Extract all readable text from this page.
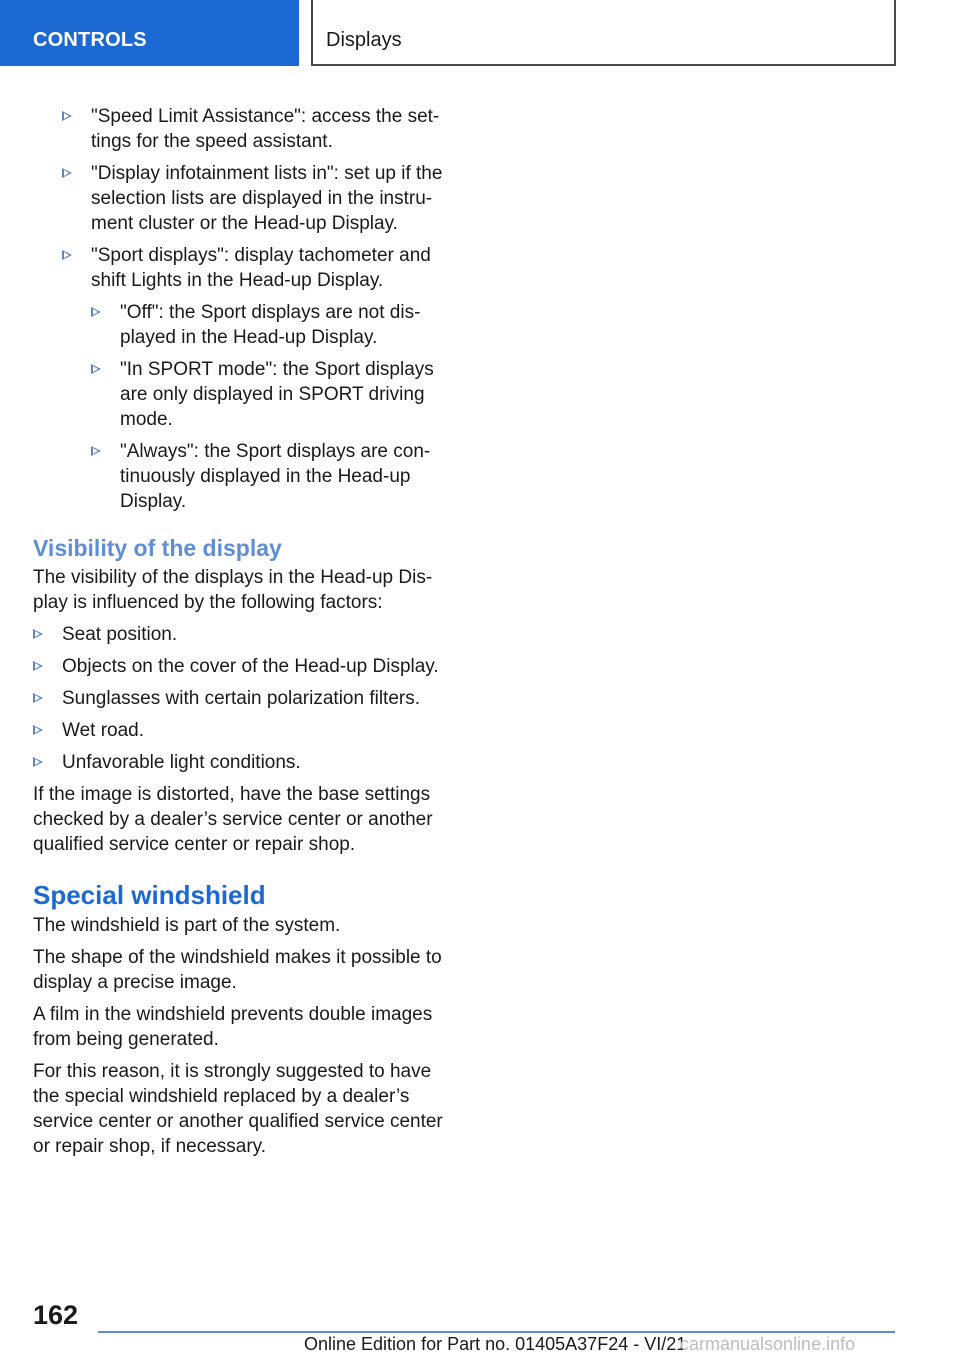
CONTROLS	Displays
"Speed Limit Assistance": access the set-tings for the speed assistant.
"Display infotainment lists in": set up if the selection lists are displayed in the instru-ment cluster or the Head-up Display.
"Sport displays": display tachometer and shift Lights in the Head-up Display.
"Off": the Sport displays are not dis-played in the Head-up Display.
"In SPORT mode": the Sport displays are only displayed in SPORT driving mode.
"Always": the Sport displays are con-tinuously displayed in the Head-up Display.
Visibility of the display

The visibility of the displays in the Head-up Dis-play is influenced by the following factors:

Seat position.
Objects on the cover of the Head-up Display.
Sunglasses with certain polarization filters.
Wet road.
Unfavorable light conditions.

If the image is distorted, have the base settings checked by a dealer’s service center or another qualified service center or repair shop.

Special windshield

The windshield is part of the system.

The shape of the windshield makes it possible to display a precise image.

A film in the windshield prevents double images from being generated.

For this reason, it is strongly suggested to have the special windshield replaced by a dealer’s service center or another qualified service center or repair shop, if necessary.

162
Online Edition for Part no. 01405A37F24 - VI/21
carmanualsonline.info
